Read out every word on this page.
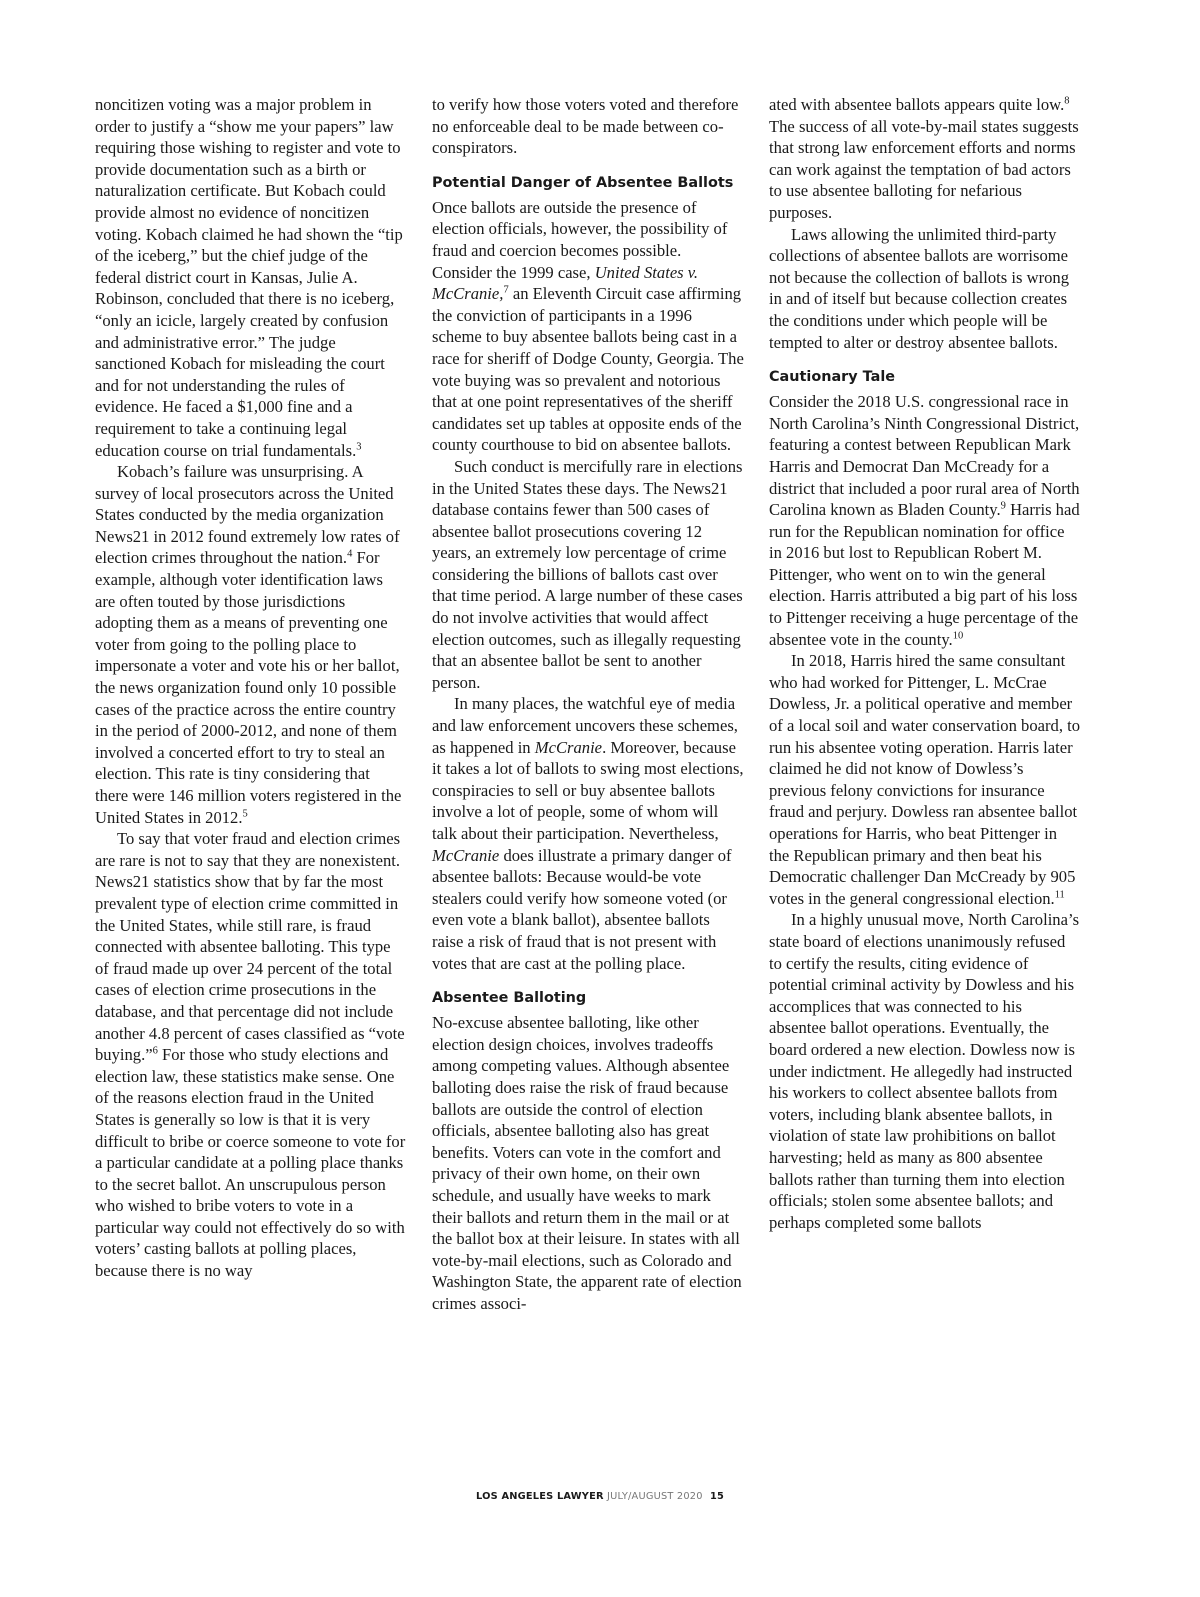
noncitizen voting was a major problem in order to justify a “show me your papers” law requiring those wishing to register and vote to provide documentation such as a birth or naturalization certificate. But Kobach could provide almost no evidence of noncitizen voting. Kobach claimed he had shown the “tip of the iceberg,” but the chief judge of the federal district court in Kansas, Julie A. Robinson, concluded that there is no iceberg, “only an icicle, largely created by confusion and administrative error.” The judge sanctioned Kobach for misleading the court and for not understanding the rules of evidence. He faced a $1,000 fine and a requirement to take a continuing legal education course on trial fundamentals.$^3$

Kobach’s failure was unsurprising. A survey of local prosecutors across the United States conducted by the media organization News21 in 2012 found extremely low rates of election crimes throughout the nation.$^4$ For example, although voter identification laws are often touted by those jurisdictions adopting them as a means of preventing one voter from going to the polling place to impersonate a voter and vote his or her ballot, the news organization found only 10 possible cases of the practice across the entire country in the period of 2000-2012, and none of them involved a concerted effort to try to steal an election. This rate is tiny considering that there were 146 million voters registered in the United States in 2012.$^5$

To say that voter fraud and election crimes are rare is not to say that they are nonexistent. News21 statistics show that by far the most prevalent type of election crime committed in the United States, while still rare, is fraud connected with absentee balloting. This type of fraud made up over 24 percent of the total cases of election crime prosecutions in the database, and that percentage did not include another 4.8 percent of cases classified as “vote buying.”$^6$ For those who study elections and election law, these statistics make sense. One of the reasons election fraud in the United States is generally so low is that it is very difficult to bribe or coerce someone to vote for a particular candidate at a polling place thanks to the secret ballot. An unscrupulous person who wished to bribe voters to vote in a particular way could not effectively do so with voters’ casting ballots at polling places, because there is no way

to verify how those voters voted and therefore no enforceable deal to be made between co-conspirators.

Potential Danger of Absentee Ballots

Once ballots are outside the presence of election officials, however, the possibility of fraud and coercion becomes possible. Consider the 1999 case, United States v. McCranie,$^7$ an Eleventh Circuit case affirming the conviction of participants in a 1996 scheme to buy absentee ballots being cast in a race for sheriff of Dodge County, Georgia. The vote buying was so prevalent and notorious that at one point representatives of the sheriff candidates set up tables at opposite ends of the county courthouse to bid on absentee ballots.

Such conduct is mercifully rare in elections in the United States these days. The News21 database contains fewer than 500 cases of absentee ballot prosecutions covering 12 years, an extremely low percentage of crime considering the billions of ballots cast over that time period. A large number of these cases do not involve activities that would affect election outcomes, such as illegally requesting that an absentee ballot be sent to another person.

In many places, the watchful eye of media and law enforcement uncovers these schemes, as happened in McCranie. Moreover, because it takes a lot of ballots to swing most elections, conspiracies to sell or buy absentee ballots involve a lot of people, some of whom will talk about their participation. Nevertheless, McCranie does illustrate a primary danger of absentee ballots: Because would-be vote stealers could verify how someone voted (or even vote a blank ballot), absentee ballots raise a risk of fraud that is not present with votes that are cast at the polling place.

Absentee Balloting

No-excuse absentee balloting, like other election design choices, involves tradeoffs among competing values. Although absentee balloting does raise the risk of fraud because ballots are outside the control of election officials, absentee balloting also has great benefits. Voters can vote in the comfort and privacy of their own home, on their own schedule, and usually have weeks to mark their ballots and return them in the mail or at the ballot box at their leisure. In states with all vote-by-mail elections, such as Colorado and Washington State, the apparent rate of election crimes associ-

ated with absentee ballots appears quite low.$^8$ The success of all vote-by-mail states suggests that strong law enforcement efforts and norms can work against the temptation of bad actors to use absentee balloting for nefarious purposes.

Laws allowing the unlimited third-party collections of absentee ballots are worrisome not because the collection of ballots is wrong in and of itself but because collection creates the conditions under which people will be tempted to alter or destroy absentee ballots.

Cautionary Tale

Consider the 2018 U.S. congressional race in North Carolina’s Ninth Congressional District, featuring a contest between Republican Mark Harris and Democrat Dan McCready for a district that included a poor rural area of North Carolina known as Bladen County.$^9$ Harris had run for the Republican nomination for office in 2016 but lost to Republican Robert M. Pittenger, who went on to win the general election. Harris attributed a big part of his loss to Pittenger receiving a huge percentage of the absentee vote in the county.$^{10}$

In 2018, Harris hired the same consultant who had worked for Pittenger, L. McCrae Dowless, Jr. a political operative and member of a local soil and water conservation board, to run his absentee voting operation. Harris later claimed he did not know of Dowless’s previous felony convictions for insurance fraud and perjury. Dowless ran absentee ballot operations for Harris, who beat Pittenger in the Republican primary and then beat his Democratic challenger Dan McCready by 905 votes in the general congressional election.$^{11}$

In a highly unusual move, North Carolina’s state board of elections unanimously refused to certify the results, citing evidence of potential criminal activity by Dowless and his accomplices that was connected to his absentee ballot operations. Eventually, the board ordered a new election. Dowless now is under indictment. He allegedly had instructed his workers to collect absentee ballots from voters, including blank absentee ballots, in violation of state law prohibitions on ballot harvesting; held as many as 800 absentee ballots rather than turning them into election officials; stolen some absentee ballots; and perhaps completed some ballots

LOS ANGELES LAWYER JULY/AUGUST 2020 15
